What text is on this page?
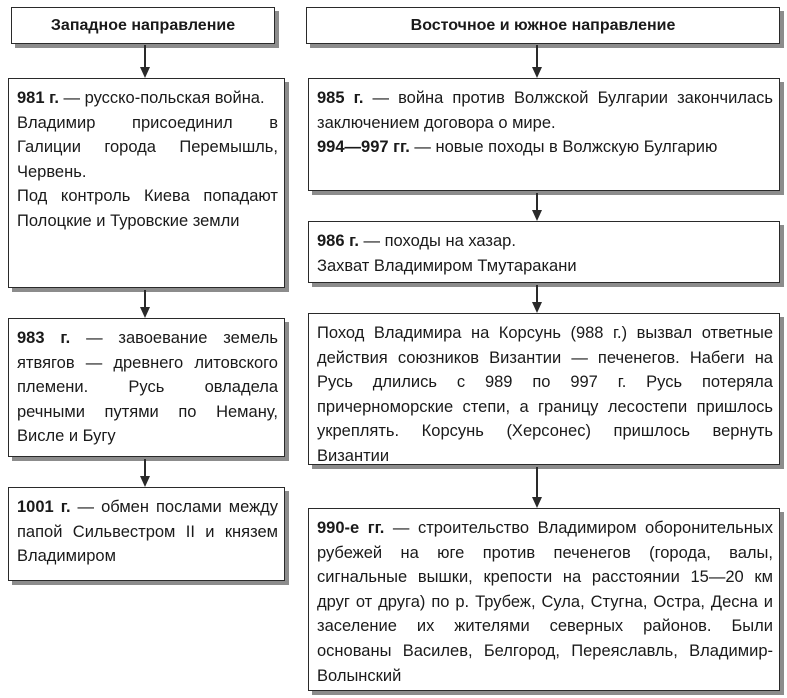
Западное направление	Восточное и южное направление

981 г. — русско-польская война.

Владимир присоединил в Галиции города Перемышль, Червень.

Под контроль Киева попадают Полоцкие и Туровские земли

983 г. — завоевание земель ятвягов — древнего литовского племени. Русь овладела речными путями по Неману, Висле и Бугу

1001 г. — обмен послами между папой Сильвестром II и князем Владимиром

985 г. — война против Волжской Булгарии закончилась заключением договора о мире.

994—997 гг. — новые походы в Волжскую Булгарию

986 г. — походы на хазар.

Захват Владимиром Тмутаракани

Поход Владимира на Корсунь (988 г.) вызвал ответные действия союзников Византии — печенегов. Набеги на Русь длились с 989 по 997 г. Русь потеряла причерноморские степи, а границу лесостепи пришлось укреплять. Корсунь (Херсонес) пришлось вернуть Византии

990-е гг. — строительство Владимиром оборонительных рубежей на юге против печенегов (города, валы, сигнальные вышки, крепости на расстоянии 15—20 км друг от друга) по р. Трубеж, Сула, Стугна, Остра, Десна и заселение их жителями северных районов. Были основаны Василев, Белгород, Переяславль, Владимир-Волынский
